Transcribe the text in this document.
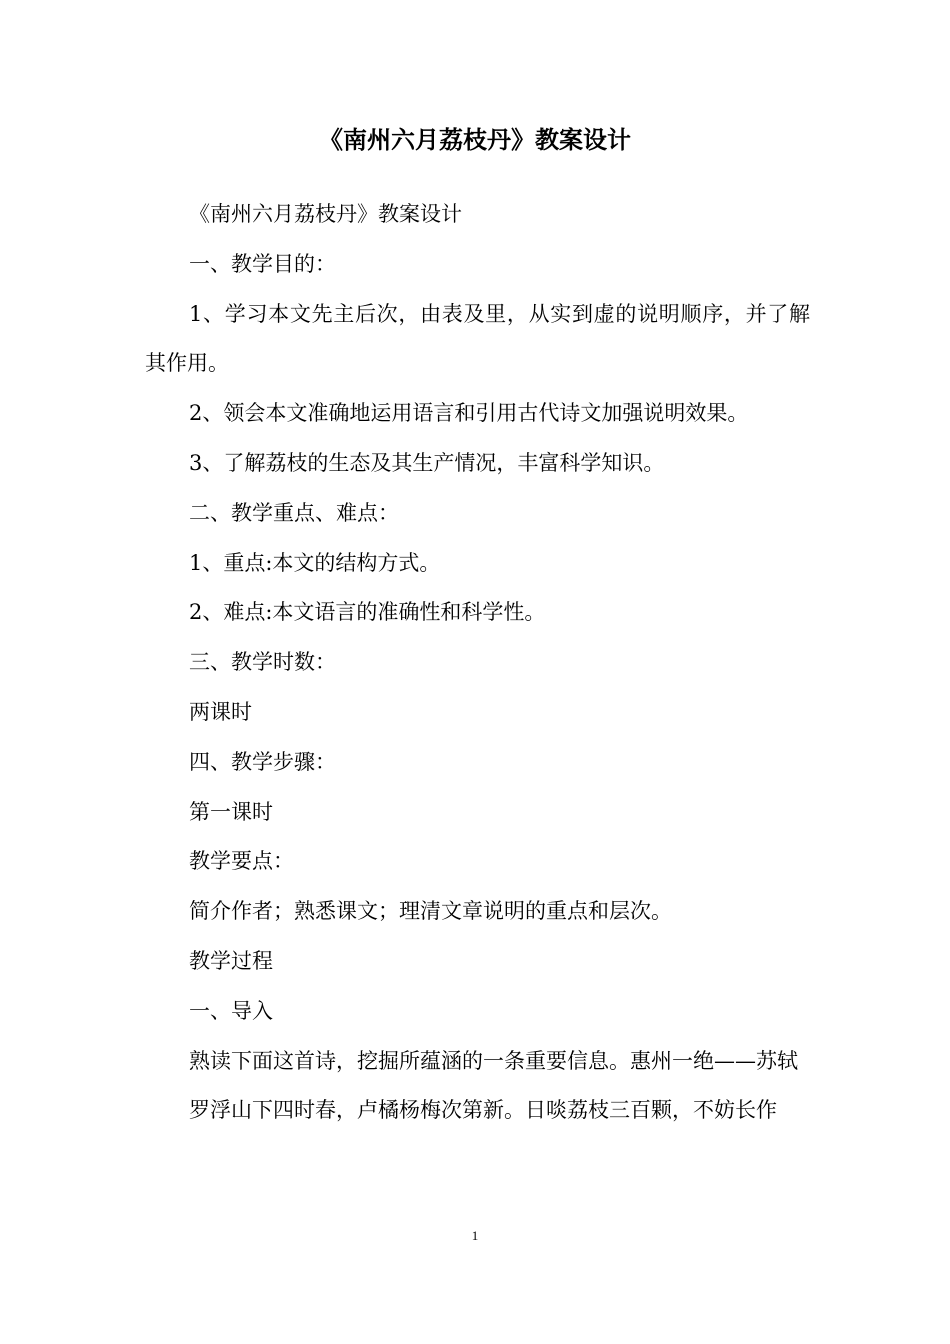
《南州六月荔枝丹》教案设计

《南州六月荔枝丹》教案设计

一、教学目的：

1、学习本文先主后次，由表及里，从实到虚的说明顺序，并了解其作用。

2、领会本文准确地运用语言和引用古代诗文加强说明效果。

3、了解荔枝的生态及其生产情况，丰富科学知识。

二、教学重点、难点：

1、重点:本文的结构方式。

2、难点:本文语言的准确性和科学性。

三、教学时数：

两课时

四、教学步骤：

第一课时

教学要点：

简介作者；熟悉课文；理清文章说明的重点和层次。

教学过程

一、导入

熟读下面这首诗，挖掘所蕴涵的一条重要信息。惠州一绝——苏轼

罗浮山下四时春，卢橘杨梅次第新。日啖荔枝三百颗，不妨长作

1
